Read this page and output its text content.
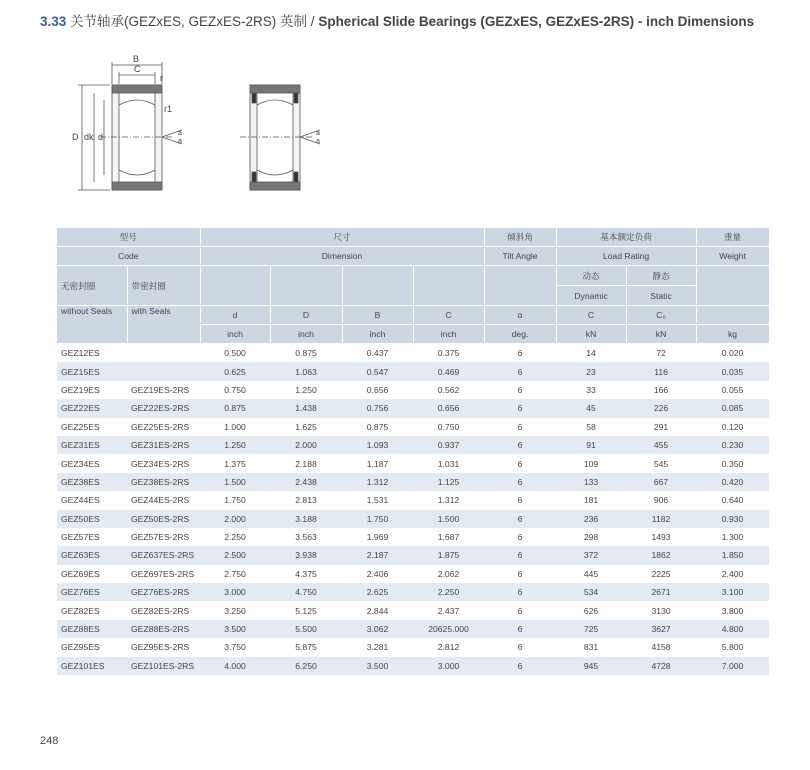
3.33 关节轴承(GEZxES, GEZxES-2RS) 英制 / Spherical Slide Bearings (GEZxES, GEZxES-2RS) - inch Dimensions
B
C
r
r1
D dk d	a
a
a
a
型号		尺寸				倾斜角	基本额定负荷		重量
Code		Dimension				Tilt Angle	Load Rating		Weight
无密封圈	带密封圈						动态	静态	
							Dynamic	Static	
without Seals	with Seals	d	D	B	C	α	C	C₀	
		inch	inch	inch	inch	deg.	kN	kN	kg
GEZ12ES		0.500	0.875	0.437	0.375	6	14	72	0.020
GEZ15ES		0.625	1.063	0.547	0.469	6	23	116	0.035
GEZ19ES	GEZ19ES-2RS	0.750	1.250	0.656	0.562	6	33	166	0.055
GEZ22ES	GEZ22ES-2RS	0.875	1.438	0.756	0.656	6	45	226	0.085
GEZ25ES	GEZ25ES-2RS	1.000	1.625	0.875	0.750	6	58	291	0.120
GEZ31ES	GEZ31ES-2RS	1.250	2.000	1.093	0.937	6	91	455	0.230
GEZ34ES	GEZ34ES-2RS	1.375	2.188	1.187	1.031	6	109	545	0.350
GEZ38ES	GEZ38ES-2RS	1.500	2.438	1.312	1.125	6	133	667	0.420
GEZ44ES	GEZ44ES-2RS	1.750	2.813	1.531	1.312	6	181	906	0.640
GEZ50ES	GEZ50ES-2RS	2.000	3.188	1.750	1.500	6	236	1182	0.930
GEZ57ES	GEZ57ES-2RS	2.250	3.563	1.969	1.687	6	298	1493	1.300
GEZ63ES	GEZ637ES-2RS	2.500	3.938	2.187	1.875	6	372	1862	1.850
GEZ69ES	GEZ697ES-2RS	2.750	4.375	2.406	2.062	6	445	2225	2.400
GEZ76ES	GEZ76ES-2RS	3.000	4.750	2.625	2.250	6	534	2671	3.100
GEZ82ES	GEZ82ES-2RS	3.250	5.125	2.844	2.437	6	626	3130	3.800
GEZ88ES	GEZ88ES-2RS	3.500	5.500	3.062	20625.000	6	725	3627	4.800
GEZ95ES	GEZ95ES-2RS	3.750	5.875	3.281	2.812	6	831	4158	5.800
GEZ101ES	GEZ101ES-2RS	4.000	6.250	3.500	3.000	6	945	4728	7.000
248
